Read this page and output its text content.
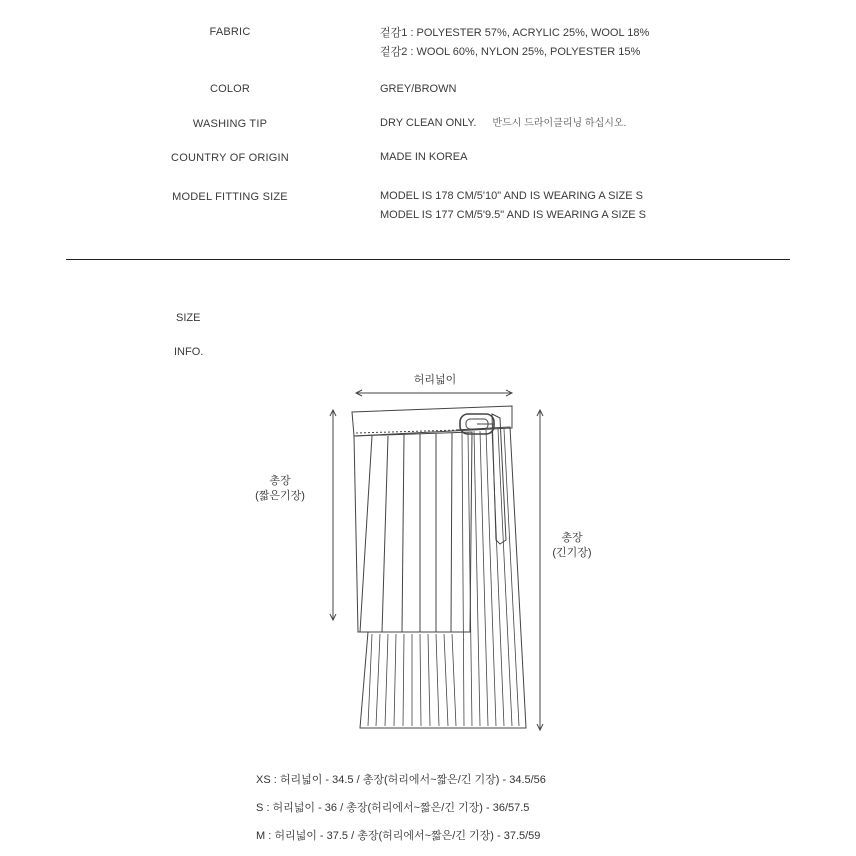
FABRIC	겉감1 : POLYESTER 57%, ACRYLIC 25%, WOOL 18%
겉감2 : WOOL 60%, NYLON 25%, POLYESTER 15%
COLOR	GREY/BROWN
WASHING TIP	DRY CLEAN ONLY. 반드시 드라이클리닝 하십시오.
COUNTRY OF ORIGIN	MADE IN KOREA
MODEL FITTING SIZE	MODEL IS 178 CM/5'10" AND IS WEARING A SIZE S
MODEL IS 177 CM/5'9.5" AND IS WEARING A SIZE S
SIZE
INFO.
허리넓이
총장
(짧은기장)
총장
(긴기장)
XS : 허리넓이 - 34.5 / 총장(허리에서~짧은/긴 기장) - 34.5/56
S : 허리넓이 - 36 / 총장(허리에서~짧은/긴 기장) - 36/57.5
M : 허리넓이 - 37.5 / 총장(허리에서~짧은/긴 기장) - 37.5/59
